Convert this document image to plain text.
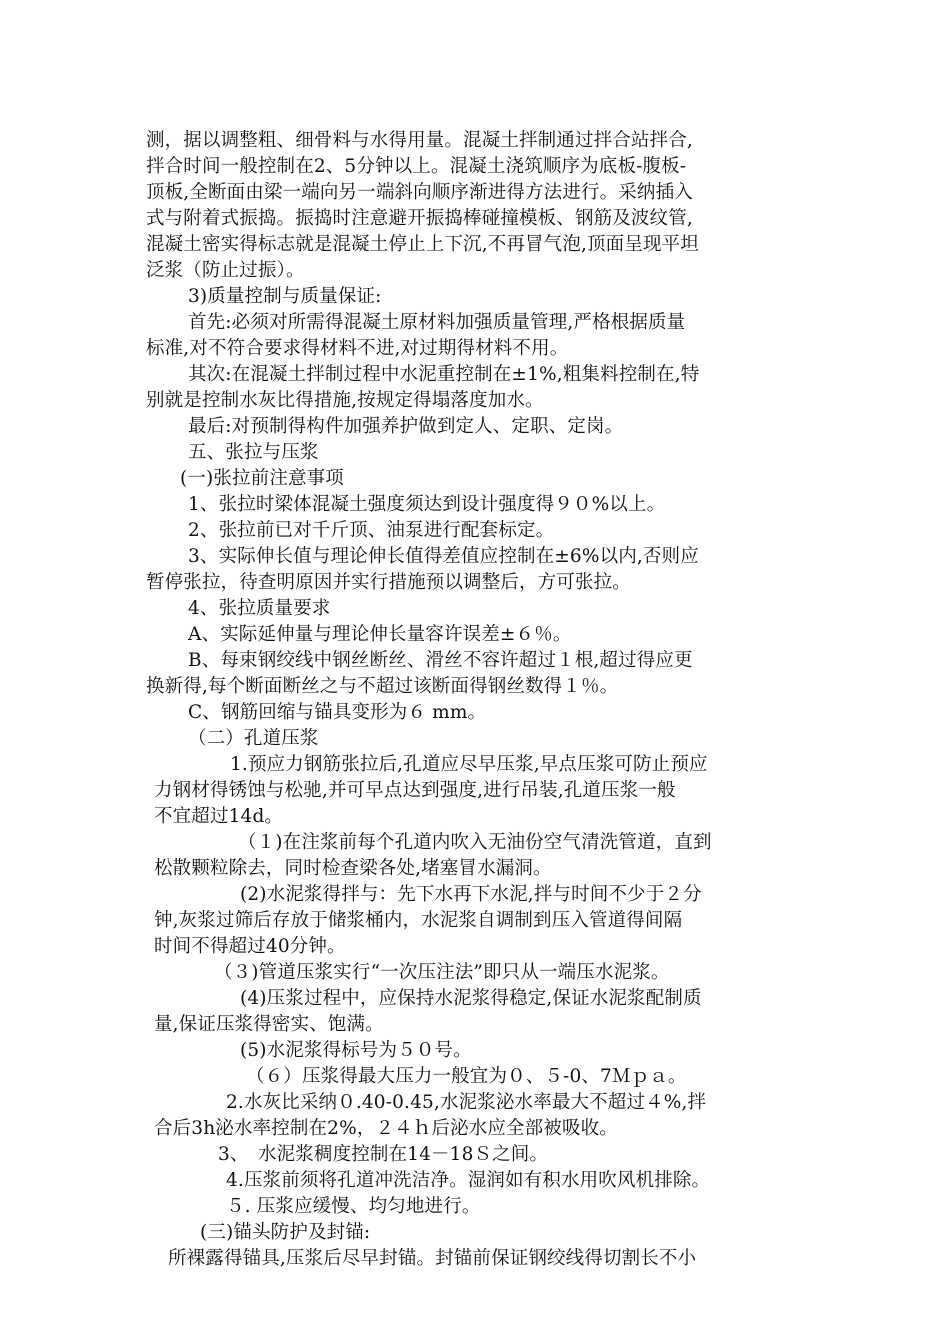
测，据以调整粗、细骨料与水得用量。混凝土拌制通过拌合站拌合,
拌合时间一般控制在2、5分钟以上。混凝土浇筑顺序为底板-腹板-
顶板,全断面由梁一端向另一端斜向顺序渐进得方法进行。采纳插入
式与附着式振捣。振捣时注意避开振捣棒碰撞模板、钢筋及波纹管,
混凝土密实得标志就是混凝土停止上下沉,不再冒气泡,顶面呈现平坦
泛浆（防止过振）。
3)质量控制与质量保证:
首先:必须对所需得混凝土原材料加强质量管理,严格根据质量
标准,对不符合要求得材料不进,对过期得材料不用。
其次:在混凝土拌制过程中水泥重控制在±1%,粗集料控制在,特
别就是控制水灰比得措施,按规定得塌落度加水。
最后:对预制得构件加强养护做到定人、定职、定岗。
五、张拉与压浆
(一)张拉前注意事项
1、张拉时梁体混凝土强度须达到设计强度得９０%以上。
2、张拉前已对千斤顶、油泵进行配套标定。
3、实际伸长值与理论伸长值得差值应控制在±6%以内,否则应
暂停张拉，待查明原因并实行措施预以调整后，方可张拉。
4、张拉质量要求
A、实际延伸量与理论伸长量容许误差±６％。
B、每束钢绞线中钢丝断丝、滑丝不容许超过１根,超过得应更
换新得,每个断面断丝之与不超过该断面得钢丝数得１％。
C、钢筋回缩与锚具变形为６ mm。
（二）孔道压浆
1.预应力钢筋张拉后,孔道应尽早压浆,早点压浆可防止预应
力钢材得锈蚀与松驰,并可早点达到强度,进行吊装,孔道压浆一般
不宜超过14d。
（１)在注浆前每个孔道内吹入无油份空气清洗管道，直到
松散颗粒除去，同时检查梁各处,堵塞冒水漏洞。
(2)水泥浆得拌与：先下水再下水泥,拌与时间不少于２分
钟,灰浆过筛后存放于储浆桶内，水泥浆自调制到压入管道得间隔
时间不得超过40分钟。
（３)管道压浆实行“一次压注法”即只从一端压水泥浆。
(4)压浆过程中，应保持水泥浆得稳定,保证水泥浆配制质
量,保证压浆得密实、饱满。
(5)水泥浆得标号为５０号。
（６）压浆得最大压力一般宜为０、５-0、7Ｍｐａ。
2.水灰比采纳０.40-0.45,水泥浆泌水率最大不超过４%,拌
合后3h泌水率控制在2%，２４ｈ后泌水应全部被吸收。
3、　水泥浆稠度控制在14－18Ｓ之间。
4.压浆前须将孔道冲洗洁净。湿润如有积水用吹风机排除。
５. 压浆应缓慢、均匀地进行。
(三)锚头防护及封锚:
所裸露得锚具,压浆后尽早封锚。封锚前保证钢绞线得切割长不小
